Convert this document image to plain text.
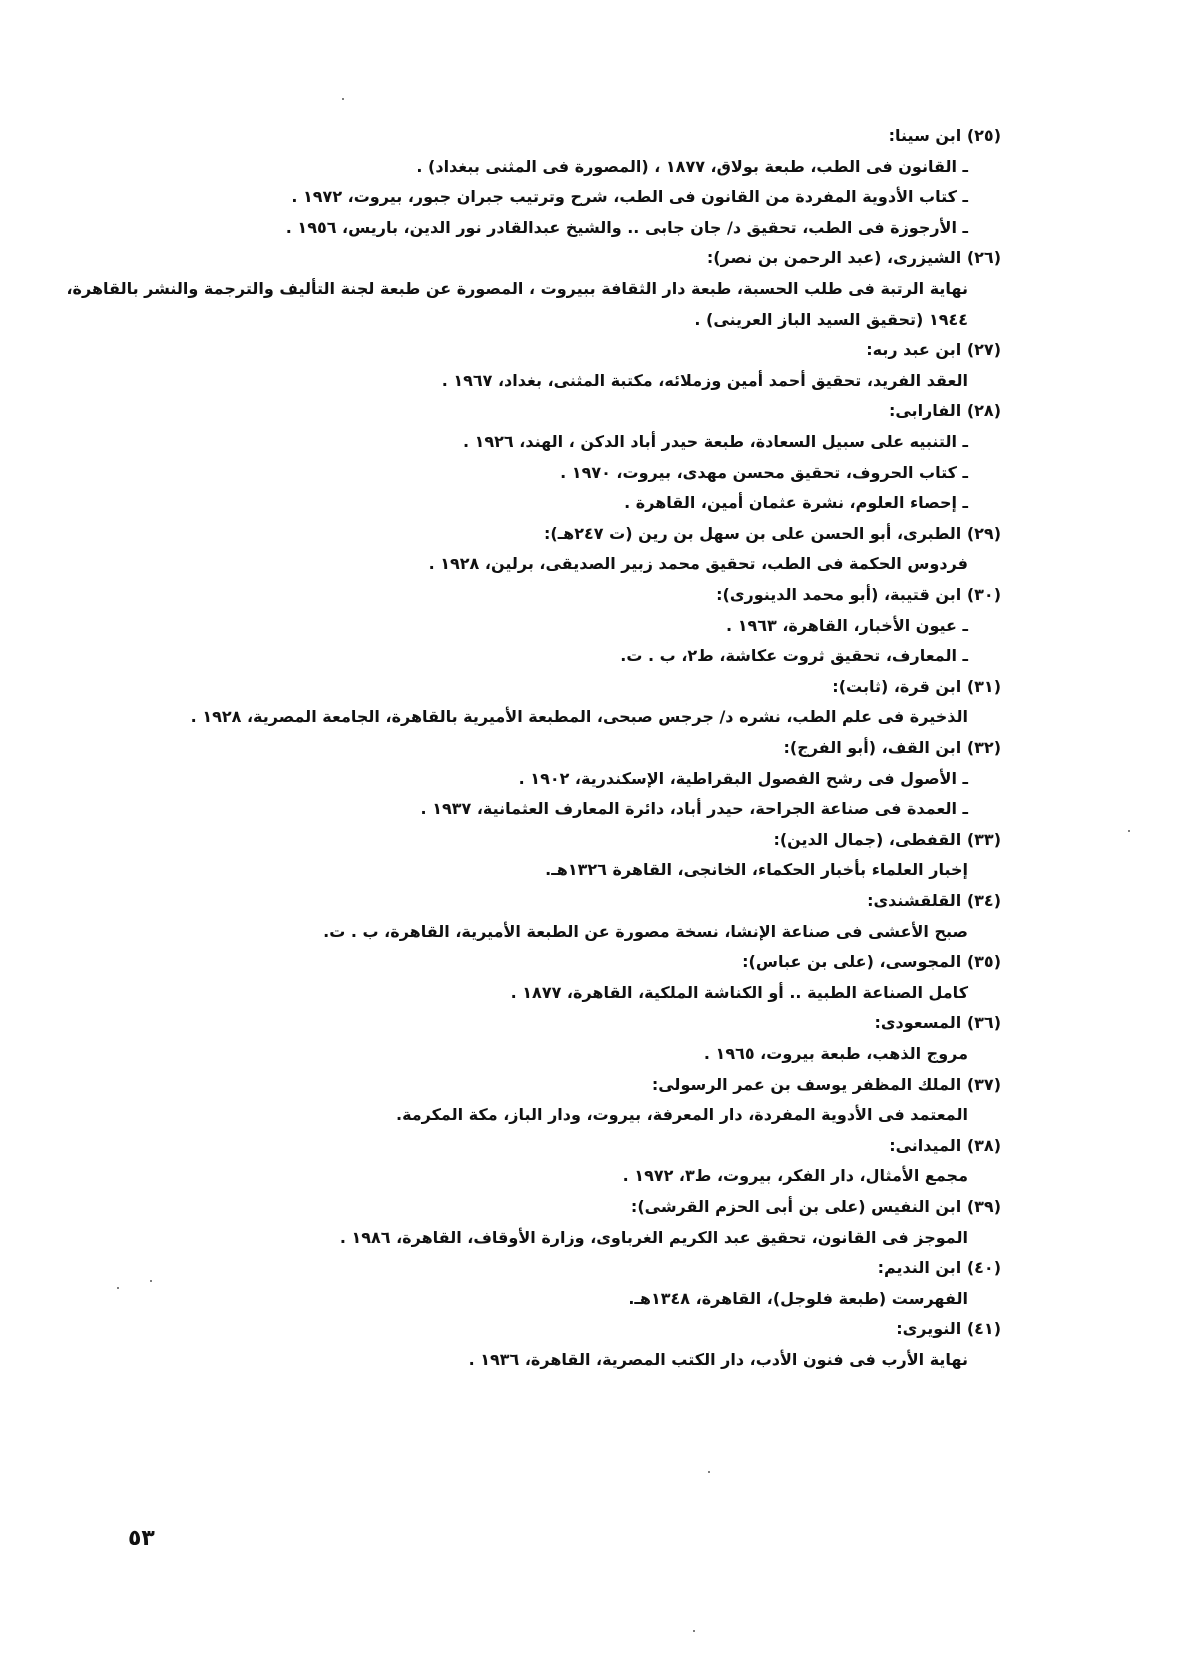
(٢٥) ابن سينا:
ـ القانون فى الطب، طبعة بولاق، ١٨٧٧ ، (المصورة فى المثنى ببغداد) .
ـ كتاب الأدوية المفردة من القانون فى الطب، شرح وترتيب جبران جبور، بيروت، ١٩٧٢ .
ـ الأرجوزة فى الطب، تحقيق د/ جان جابى .. والشيخ عبدالقادر نور الدين، باريس، ١٩٥٦ .
(٢٦) الشيزرى، (عبد الرحمن بن نصر):
نهاية الرتبة فى طلب الحسبة، طبعة دار الثقافة ببيروت ، المصورة عن طبعة لجنة التأليف والترجمة والنشر بالقاهرة،
١٩٤٤ (تحقيق السيد الباز العرينى) .
(٢٧) ابن عبد ربه:
العقد الفريد، تحقيق أحمد أمين وزملائه، مكتبة المثنى، بغداد، ١٩٦٧ .
(٢٨) الفارابى:
ـ التنبيه على سبيل السعادة، طبعة حيدر أباد الدكن ، الهند، ١٩٢٦ .
ـ كتاب الحروف، تحقيق محسن مهدى، بيروت، ١٩٧٠ .
ـ إحصاء العلوم، نشرة عثمان أمين، القاهرة .
(٢٩) الطبرى، أبو الحسن على بن سهل بن رين (ت ٢٤٧هـ):
فردوس الحكمة فى الطب، تحقيق محمد زبير الصديقى، برلين، ١٩٢٨ .
(٣٠) ابن قتيبة، (أبو محمد الدينورى):
ـ عيون الأخبار، القاهرة، ١٩٦٣ .
ـ المعارف، تحقيق ثروت عكاشة، ط٢، ب . ت.
(٣١) ابن قرة، (ثابت):
الذخيرة فى علم الطب، نشره د/ جرجس صبحى، المطبعة الأميرية بالقاهرة، الجامعة المصرية، ١٩٢٨ .
(٣٢) ابن القف، (أبو الفرج):
ـ الأصول فى رشح الفصول البقراطية، الإسكندرية، ١٩٠٢ .
ـ العمدة فى صناعة الجراحة، حيدر أباد، دائرة المعارف العثمانية، ١٩٣٧ .
(٣٣) القفطى، (جمال الدين):
إخبار العلماء بأخبار الحكماء، الخانجى، القاهرة ١٣٢٦هـ.
(٣٤) القلقشندى:
صبح الأعشى فى صناعة الإنشا، نسخة مصورة عن الطبعة الأميرية، القاهرة، ب . ت.
(٣٥) المجوسى، (على بن عباس):
كامل الصناعة الطبية .. أو الكناشة الملكية، القاهرة، ١٨٧٧ .
(٣٦) المسعودى:
مروج الذهب، طبعة بيروت، ١٩٦٥ .
(٣٧) الملك المظفر يوسف بن عمر الرسولى:
المعتمد فى الأدوية المفردة، دار المعرفة، بيروت، ودار الباز، مكة المكرمة.
(٣٨) الميدانى:
مجمع الأمثال، دار الفكر، بيروت، ط٣، ١٩٧٢ .
(٣٩) ابن النفيس (على بن أبى الحزم القرشى):
الموجز فى القانون، تحقيق عبد الكريم الغرباوى، وزارة الأوقاف، القاهرة، ١٩٨٦ .
(٤٠) ابن النديم:
الفهرست (طبعة فلوجل)، القاهرة، ١٣٤٨هـ.
(٤١) النويرى:
نهاية الأرب فى فنون الأدب، دار الكتب المصرية، القاهرة، ١٩٣٦ .
٥٣
